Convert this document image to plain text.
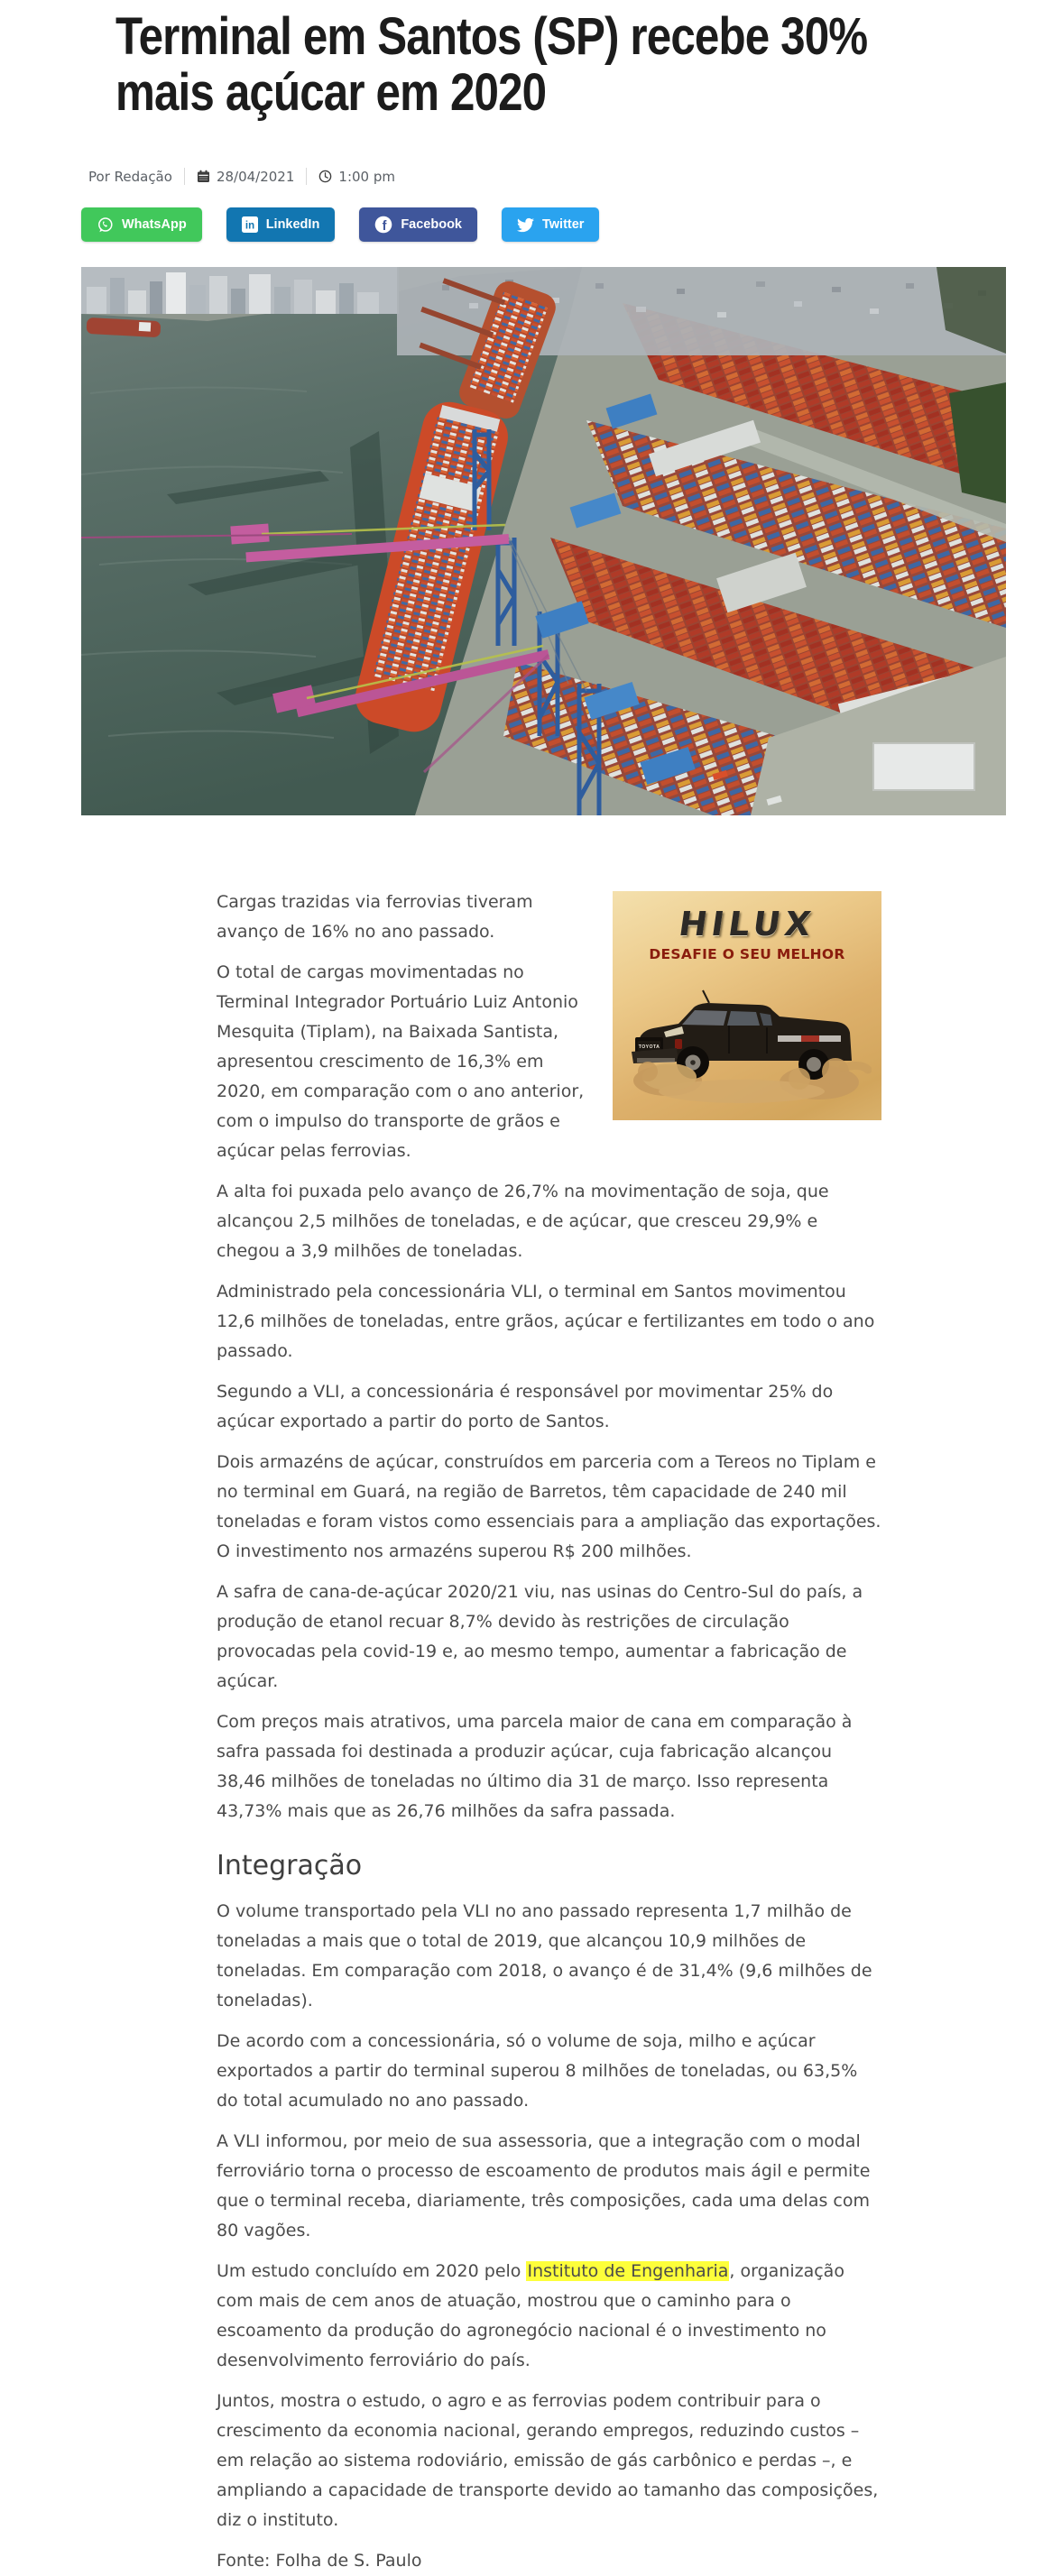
Terminal em Santos (SP) recebe 30% mais açúcar em 2020
Por Redação	28/04/2021	1:00 pm
WhatsApp	in LinkedIn	f Facebook	Twitter
HILUX
DESAFIE O SEU MELHOR
TOYOTA

Cargas trazidas via ferrovias tiveram avanço de 16% no ano passado.

O total de cargas movimentadas no Terminal Integrador Portuário Luiz Antonio Mesquita (Tiplam), na Baixada Santista, apresentou crescimento de 16,3% em 2020, em comparação com o ano anterior, com o impulso do transporte de grãos e açúcar pelas ferrovias.

A alta foi puxada pelo avanço de 26,7% na movimentação de soja, que alcançou 2,5 milhões de toneladas, e de açúcar, que cresceu 29,9% e chegou a 3,9 milhões de toneladas.

Administrado pela concessionária VLI, o terminal em Santos movimentou 12,6 milhões de toneladas, entre grãos, açúcar e fertilizantes em todo o ano passado.

Segundo a VLI, a concessionária é responsável por movimentar 25% do açúcar exportado a partir do porto de Santos.

Dois armazéns de açúcar, construídos em parceria com a Tereos no Tiplam e no terminal em Guará, na região de Barretos, têm capacidade de 240 mil toneladas e foram vistos como essenciais para a ampliação das exportações. O investimento nos armazéns superou R$ 200 milhões.

A safra de cana-de-açúcar 2020/21 viu, nas usinas do Centro-Sul do país, a produção de etanol recuar 8,7% devido às restrições de circulação provocadas pela covid-19 e, ao mesmo tempo, aumentar a fabricação de açúcar.

Com preços mais atrativos, uma parcela maior de cana em comparação à safra passada foi destinada a produzir açúcar, cuja fabricação alcançou 38,46 milhões de toneladas no último dia 31 de março. Isso representa 43,73% mais que as 26,76 milhões da safra passada.

Integração

O volume transportado pela VLI no ano passado representa 1,7 milhão de toneladas a mais que o total de 2019, que alcançou 10,9 milhões de toneladas. Em comparação com 2018, o avanço é de 31,4% (9,6 milhões de toneladas).

De acordo com a concessionária, só o volume de soja, milho e açúcar exportados a partir do terminal superou 8 milhões de toneladas, ou 63,5% do total acumulado no ano passado.

A VLI informou, por meio de sua assessoria, que a integração com o modal ferroviário torna o processo de escoamento de produtos mais ágil e permite que o terminal receba, diariamente, três composições, cada uma delas com 80 vagões.

Um estudo concluído em 2020 pelo Instituto de Engenharia, organização com mais de cem anos de atuação, mostrou que o caminho para o escoamento da produção do agronegócio nacional é o investimento no desenvolvimento ferroviário do país.

Juntos, mostra o estudo, o agro e as ferrovias podem contribuir para o crescimento da economia nacional, gerando empregos, reduzindo custos – em relação ao sistema rodoviário, emissão de gás carbônico e perdas –, e ampliando a capacidade de transporte devido ao tamanho das composições, diz o instituto.

Fonte: Folha de S. Paulo
